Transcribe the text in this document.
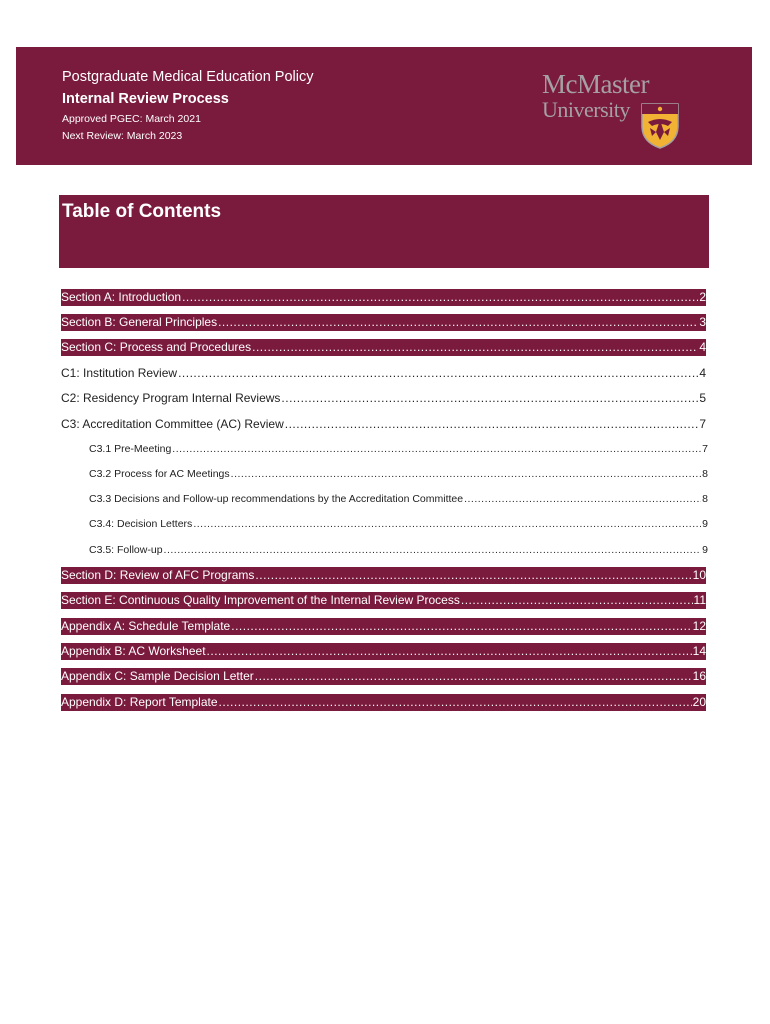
Postgraduate Medical Education Policy
Internal Review Process
Approved PGEC: March 2021
Next Review: March 2023
McMaster
University
Table of Contents
Section A: Introduction .....	2
Section B: General Principles .....	3
Section C: Process and Procedures .....	4
C1: Institution Review .....	4
C2: Residency Program Internal Reviews .....	5
C3: Accreditation Committee (AC) Review .....	7
C3.1 Pre-Meeting .....	7
C3.2 Process for AC Meetings .....	8
C3.3 Decisions and Follow-up recommendations by the Accreditation Committee .....	8
C3.4: Decision Letters .....	9
C3.5: Follow-up .....	9
Section D: Review of AFC Programs .....	10
Section E: Continuous Quality Improvement of the Internal Review Process .....	11
Appendix A: Schedule Template .....	12
Appendix B: AC Worksheet .....	14
Appendix C: Sample Decision Letter .....	16
Appendix D: Report Template .....	20
